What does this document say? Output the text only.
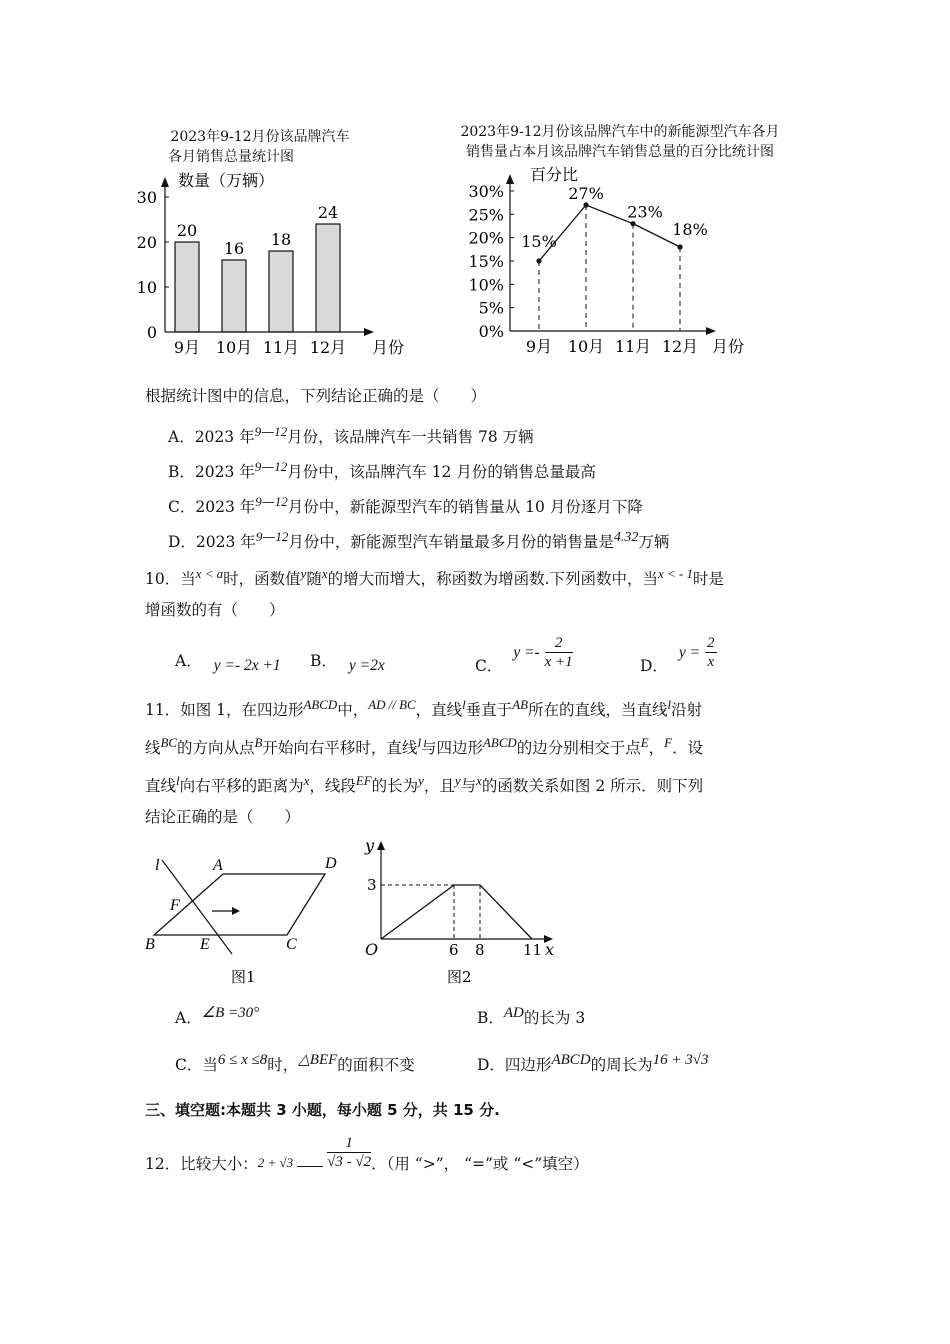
2023年9-12月份该品牌汽车
各月销售总量统计图
数量（万辆）
0
10
20
30
20
9月
16
10月
18
11月
24
12月 月份
2023年9-12月份该品牌汽车中的新能源型汽车各月
销售量占本月该品牌汽车销售总量的百分比统计图
百分比
0%
5%
10%
15%
20%
25%
30%
15%
9月
27%
10月
23%
11月
18%
12月 月份
根据统计图中的信息，下列结论正确的是（　　）
A．2023 年$^{9—12}$月份，该品牌汽车一共销售 78 万辆
B．2023 年$^{9—12}$月份中，该品牌汽车 12 月份的销售总量最高
C．2023 年$^{9—12}$月份中，新能源型汽车的销售量从 10 月份逐月下降
D．2023 年$^{9—12}$月份中，新能源型汽车销量最多月份的销售量是$^{4.32}$万辆
10．当$^x$ < $^a$时，函数值$^y$随$^x$的增大而增大，称函数为增函数.下列函数中，当$^x$ $^{< - 1}$时是
增函数的有（　　）
A． y =- 2x +1 B． y =2x	C． $y =- \frac{2}{x +1}$	D． $y = \frac{2}{x}$
11．如图 1，在四边形$^{ABCD}$中，$^{AD // BC}$，直线$^l$垂直于$^{AB}$所在的直线，当直线$^l$沿射
线$^{BC}$的方向从点$^B$开始向右平移时，直线$^l$与四边形$^{ABCD}$的边分别相交于点$^E$，$^F$．设
直线$^l$向右平移的距离为$^x$，线段$^{EF}$的长为$^y$，且$^y$与$^x$的函数关系如图 2 所示．则下列
结论正确的是（　　）
l	A	D
F
B	E	C
图1
y
3
O	6 8	11 x
图2
A．$^{\angle B =30^\circ}$	B．$^{AD}$的长为 3
C．当$^{6 \le x \le 8}$时，$^{\triangle BEF}$的面积不变	D．四边形$^{ABCD}$的周长为$^{16 + 3√3}$
三、填空题:本题共 3 小题，每小题 5 分，共 15 分.
12．比较大小：$_{2 + √3} \frac{1}{√3 - √2}$ ．（用 “>”， “=”或 “<”填空）
